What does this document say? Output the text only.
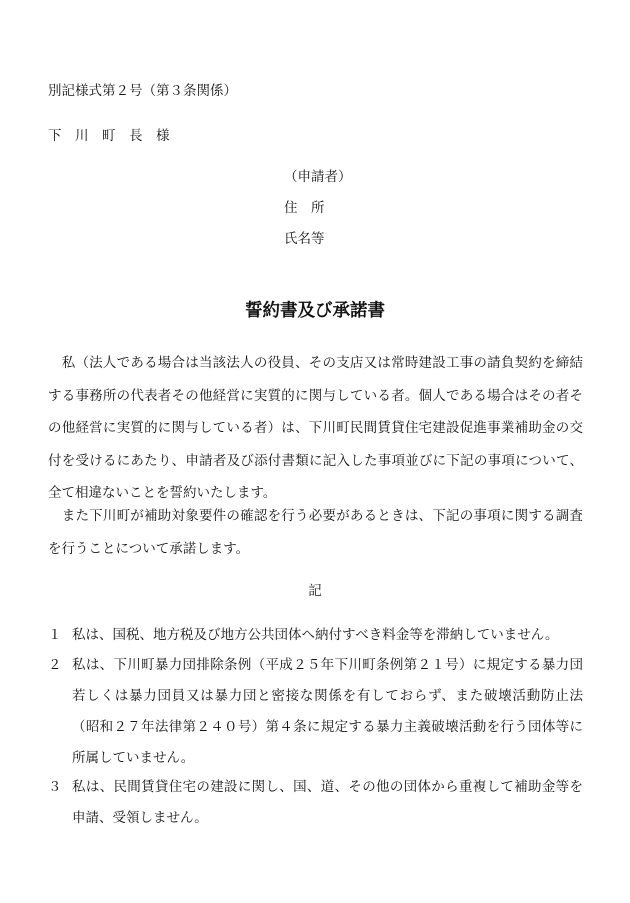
別記様式第２号（第３条関係）
下　川　町　長　様
（申請者）
住　所
氏名等
誓約書及び承諾書
　私（法人である場合は当該法人の役員、その支店又は常時建設工事の請負契約を締結する事務所の代表者その他経営に実質的に関与している者。個人である場合はその者その他経営に実質的に関与している者）は、下川町民間賃貸住宅建設促進事業補助金の交付を受けるにあたり、申請者及び添付書類に記入した事項並びに下記の事項について、全て相違ないことを誓約いたします。
　また下川町が補助対象要件の確認を行う必要があるときは、下記の事項に関する調査を行うことについて承諾します。
記
１ 私は、国税、地方税及び地方公共団体へ納付すべき料金等を滞納していません。
２ 私は、下川町暴力団排除条例（平成２５年下川町条例第２１号）に規定する暴力団若しくは暴力団員又は暴力団と密接な関係を有しておらず、また破壊活動防止法（昭和２７年法律第２４０号）第４条に規定する暴力主義破壊活動を行う団体等に所属していません。
３ 私は、民間賃貸住宅の建設に関し、国、道、その他の団体から重複して補助金等を申請、受領しません。
